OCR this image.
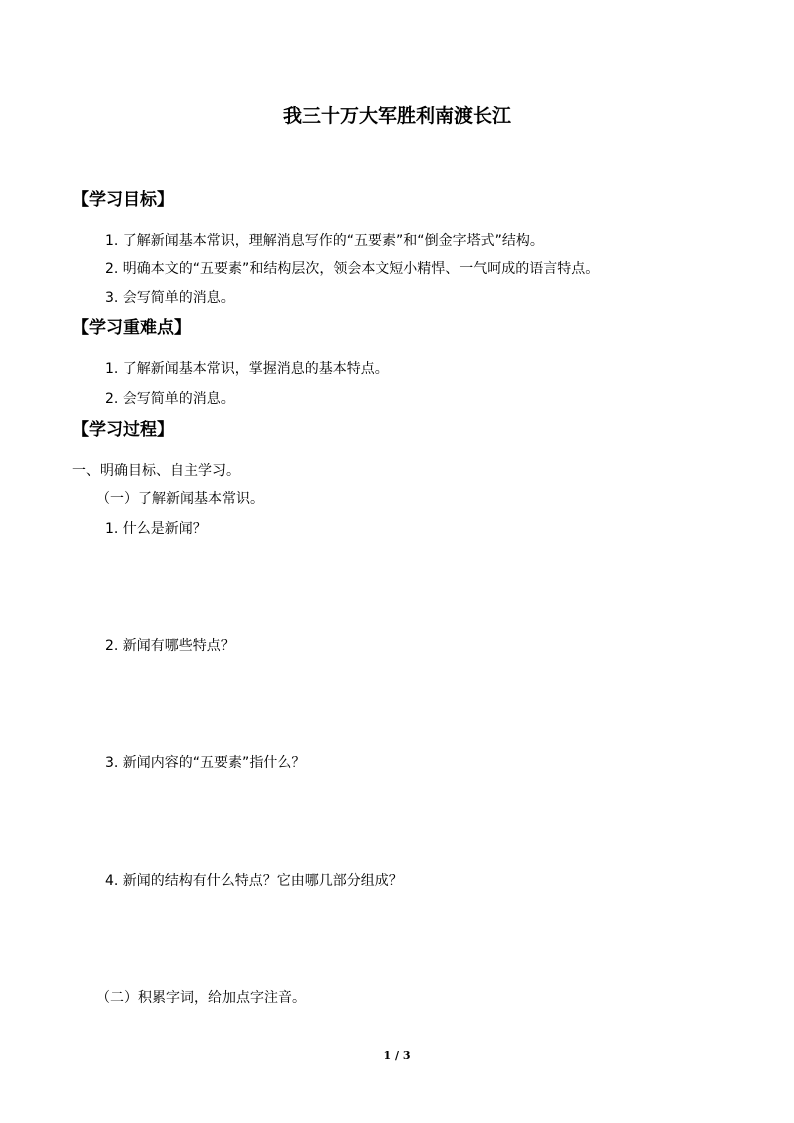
我三十万大军胜利南渡长江
【学习目标】
1. 了解新闻基本常识，理解消息写作的“五要素”和“倒金字塔式”结构。
2. 明确本文的“五要素”和结构层次，领会本文短小精悍、一气呵成的语言特点。
3. 会写简单的消息。
【学习重难点】
1. 了解新闻基本常识，掌握消息的基本特点。
2. 会写简单的消息。
【学习过程】
一、明确目标、自主学习。
（一）了解新闻基本常识。
1. 什么是新闻？
2. 新闻有哪些特点？
3. 新闻内容的“五要素”指什么？
4. 新闻的结构有什么特点？它由哪几部分组成？
（二）积累字词，给加点字注音。
1 / 3
